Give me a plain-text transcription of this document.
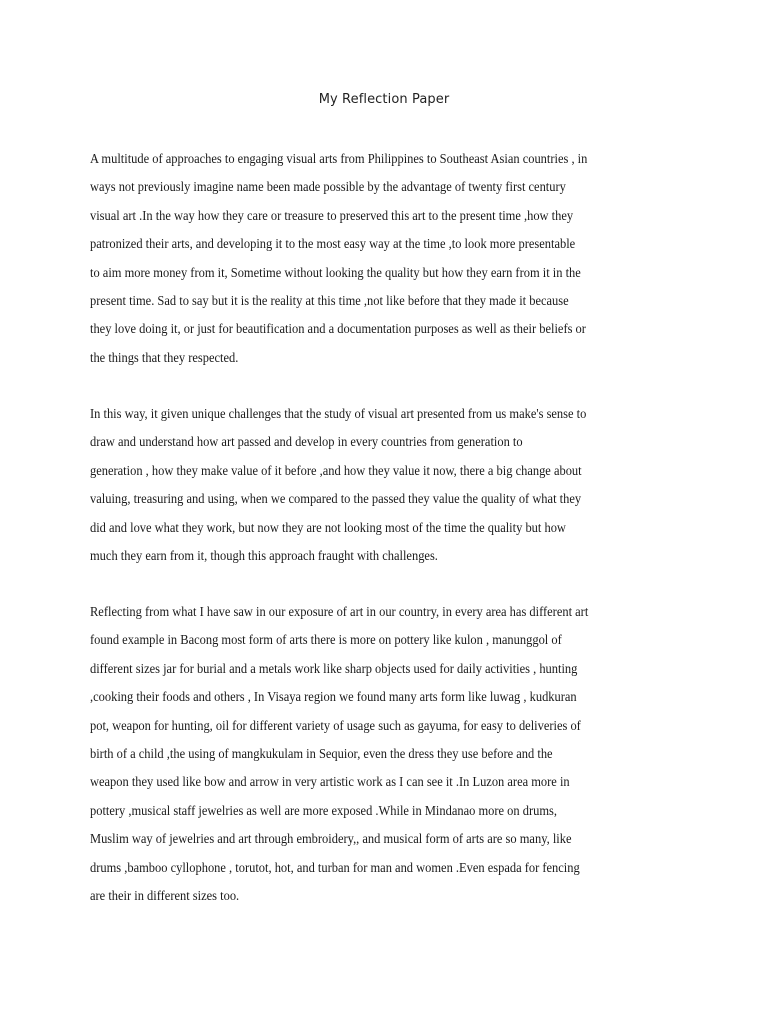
My Reflection Paper
A multitude of approaches to engaging visual arts from Philippines to Southeast Asian countries , in
ways not previously imagine name been made possible by the advantage of twenty first century
visual art .In the way how they care or treasure to preserved this art to the present time ,how they
patronized their arts, and developing it to the most easy way at the time ,to look more presentable
to aim more money from it, Sometime without looking the quality but how they earn from it in the
present time. Sad to say but it is the reality at this time ,not like before that they made it because
they love doing it, or just for beautification and a documentation purposes as well as their beliefs or
the things that they respected.
In this way, it given unique challenges that the study of visual art presented from us make's sense to
draw and understand how art passed and develop in every countries from generation to
generation , how they make value of it before ,and how they value it now, there a big change about
valuing, treasuring and using, when we compared to the passed they value the quality of what they
did and love what they work, but now they are not looking most of the time the quality but how
much they earn from it, though this approach fraught with challenges.
Reflecting from what I have saw in our exposure of art in our country, in every area has different art
found example in Bacong most form of arts there is more on pottery like kulon , manunggol of
different sizes jar for burial and a metals work like sharp objects used for daily activities , hunting
,cooking their foods and others , In Visaya region we found many arts form like luwag , kudkuran
pot, weapon for hunting, oil for different variety of usage such as gayuma, for easy to deliveries of
birth of a child ,the using of mangkukulam in Sequior, even the dress they use before and the
weapon they used like bow and arrow in very artistic work as I can see it .In Luzon area more in
pottery ,musical staff jewelries as well are more exposed .While in Mindanao more on drums,
Muslim way of jewelries and art through embroidery,, and musical form of arts are so many, like
drums ,bamboo cyllophone , torutot, hot, and turban for man and women .Even espada for fencing
are their in different sizes too.
